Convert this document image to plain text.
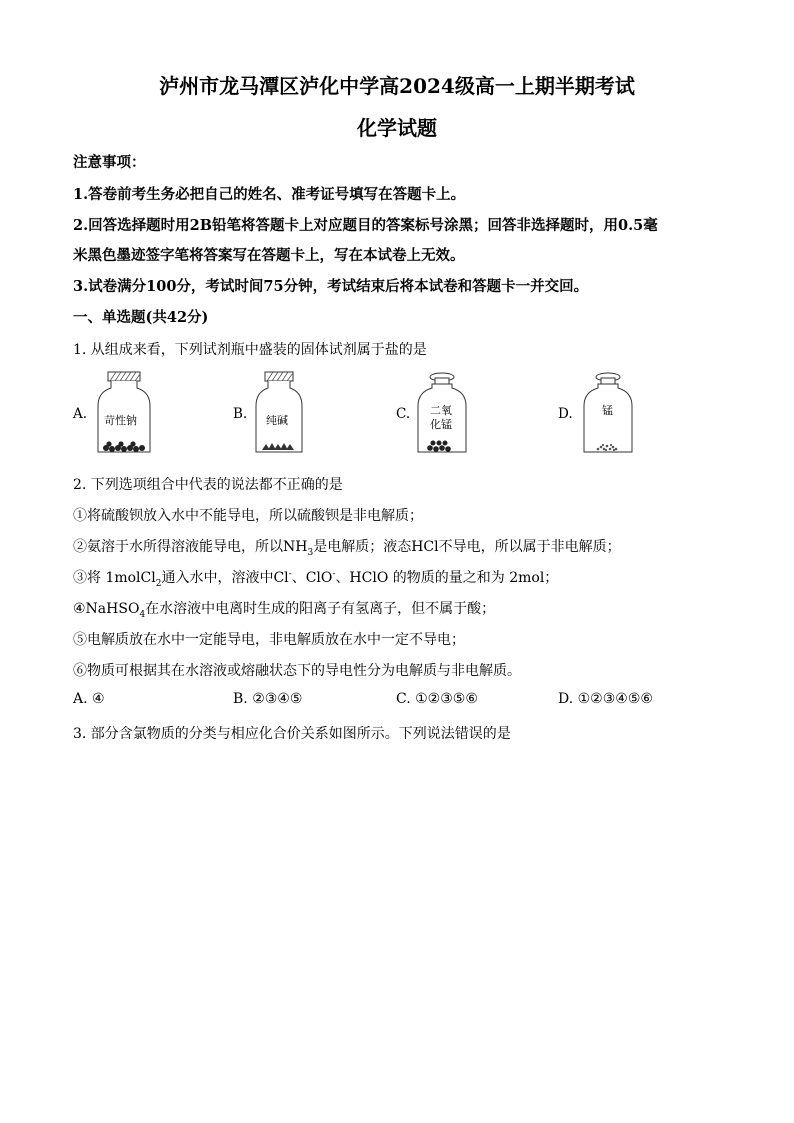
泸州市龙马潭区泸化中学高2024级高一上期半期考试
化学试题
注意事项：
1.答卷前考生务必把自己的姓名、准考证号填写在答题卡上。
2.回答选择题时用2B铅笔将答题卡上对应题目的答案标号涂黑；回答非选择题时，用0.5毫
米黑色墨迹签字笔将答案写在答题卡上，写在本试卷上无效。
3.试卷满分100分，考试时间75分钟，考试结束后将本试卷和答题卡一并交回。
一、单选题(共42分)
1. 从组成来看，下列试剂瓶中盛装的固体试剂属于盐的是
A. 苛性钠	B. 纯碱	C. 二氧
化锰
D.	锰
2. 下列选项组合中代表的说法都不正确的是
①将硫酸钡放入水中不能导电，所以硫酸钡是非电解质；
②氨溶于水所得溶液能导电，所以$NH_3$是电解质；液态HCl不导电，所以属于非电解质；
③将 1molCl$_2$通入水中，溶液中Cl-、ClO-、HClO 的物质的量之和为 2mol；
④NaHSO$_4$在水溶液中电离时生成的阳离子有氢离子，但不属于酸；
⑤电解质放在水中一定能导电，非电解质放在水中一定不导电；
⑥物质可根据其在水溶液或熔融状态下的导电性分为电解质与非电解质。
A. ④	B. ②③④⑤	C. ①②③⑤⑥	D. ①②③④⑤⑥
3. 部分含氯物质的分类与相应化合价关系如图所示。下列说法错误的是
